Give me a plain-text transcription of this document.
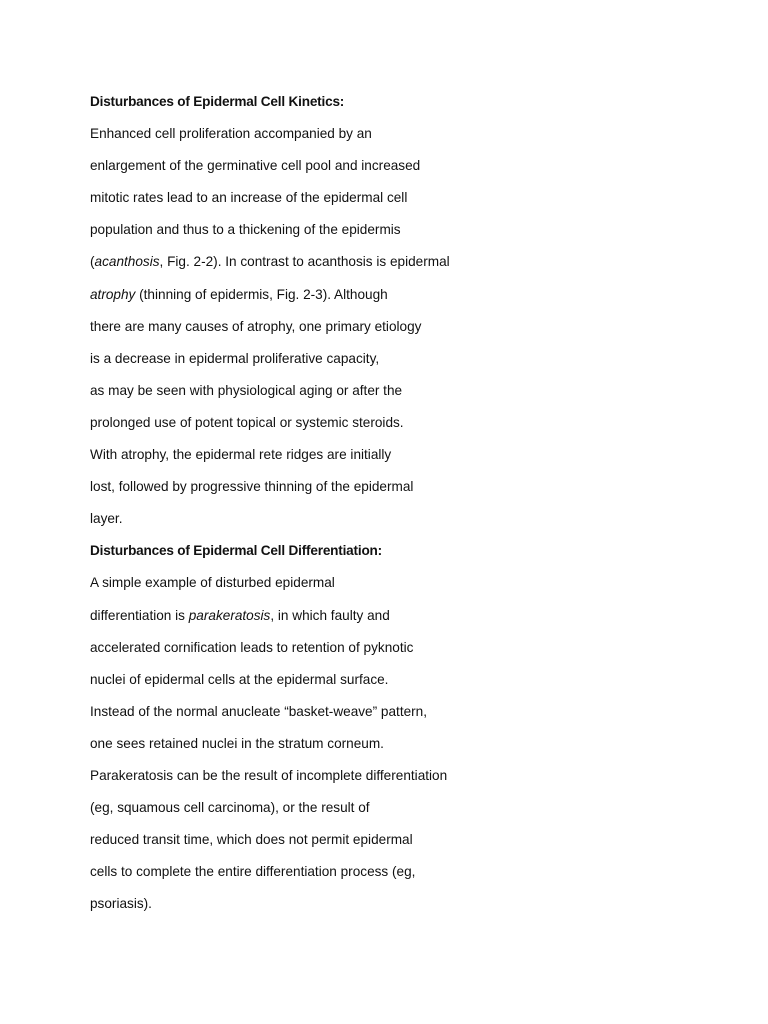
Disturbances of Epidermal Cell Kinetics:
Enhanced cell proliferation accompanied by an
enlargement of the germinative cell pool and increased
mitotic rates lead to an increase of the epidermal cell
population and thus to a thickening of the epidermis
(acanthosis, Fig. 2-2). In contrast to acanthosis is epidermal
atrophy (thinning of epidermis, Fig. 2-3). Although
there are many causes of atrophy, one primary etiology
is a decrease in epidermal proliferative capacity,
as may be seen with physiological aging or after the
prolonged use of potent topical or systemic steroids.
With atrophy, the epidermal rete ridges are initially
lost, followed by progressive thinning of the epidermal
layer.
Disturbances of Epidermal Cell Differentiation:
A simple example of disturbed epidermal
differentiation is parakeratosis, in which faulty and
accelerated cornification leads to retention of pyknotic
nuclei of epidermal cells at the epidermal surface.
Instead of the normal anucleate “basket-weave” pattern,
one sees retained nuclei in the stratum corneum.
Parakeratosis can be the result of incomplete differentiation
(eg, squamous cell carcinoma), or the result of
reduced transit time, which does not permit epidermal
cells to complete the entire differentiation process (eg,
psoriasis).
